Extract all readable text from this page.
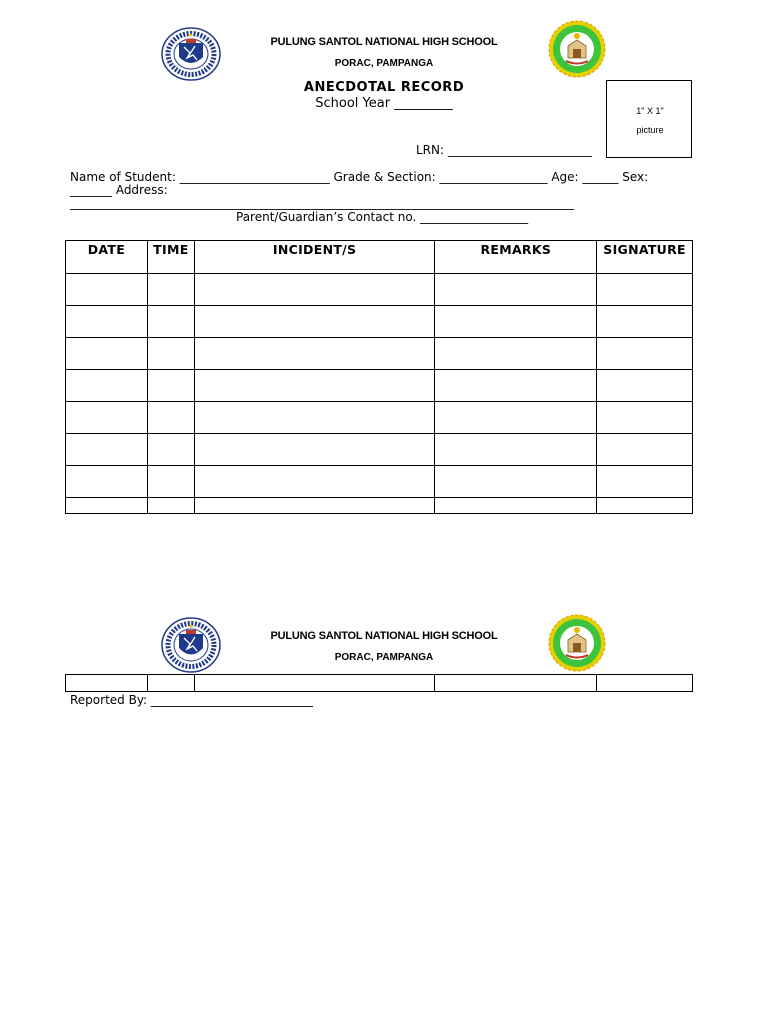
PULUNG SANTOL NATIONAL HIGH SCHOOL
PORAC, PAMPANGA
ANECDOTAL RECORD
School Year _________	1" X 1"
picture
LRN: ________________________
Name of Student: _________________________ Grade & Section: __________________ Age: ______ Sex:
_______ Address:
____________________________________________________________________________________
Parent/Guardian’s Contact no. __________________
DATE	TIME	INCIDENT/S	REMARKS	SIGNATURE

PULUNG SANTOL NATIONAL HIGH SCHOOL
PORAC, PAMPANGA

Reported By: ___________________________
